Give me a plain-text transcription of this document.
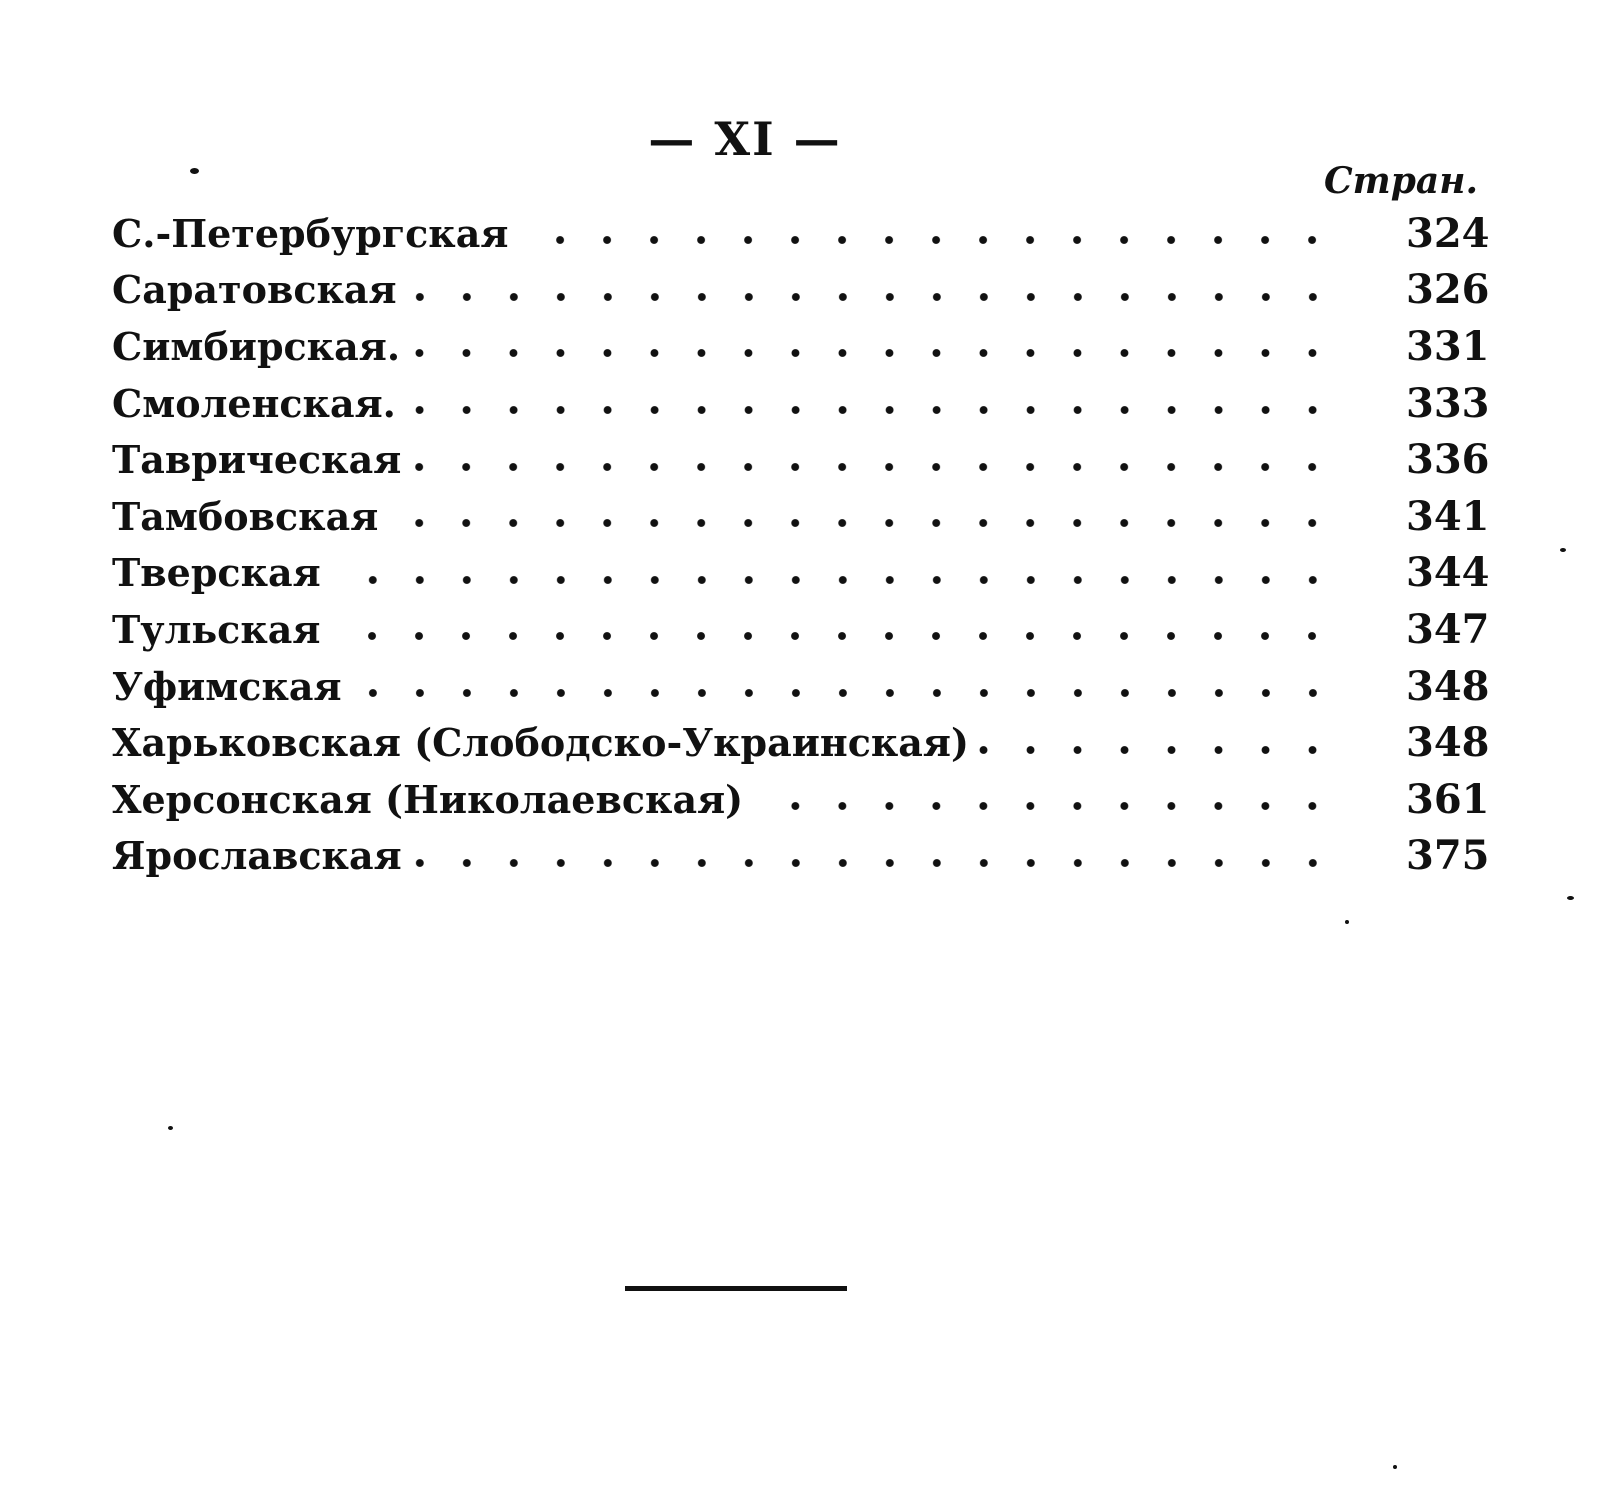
— XI —
Стран.
С.-Петербургская	324
Саратовская	326
Симбирская.	331
Смоленская.	333
Таврическая	336
Тамбовская	341
Тверская	344
Тульская	347
Уфимская	348
Харьковская (Слободско-Украинская)	348
Херсонская (Николаевская)	361
Ярославская	375
